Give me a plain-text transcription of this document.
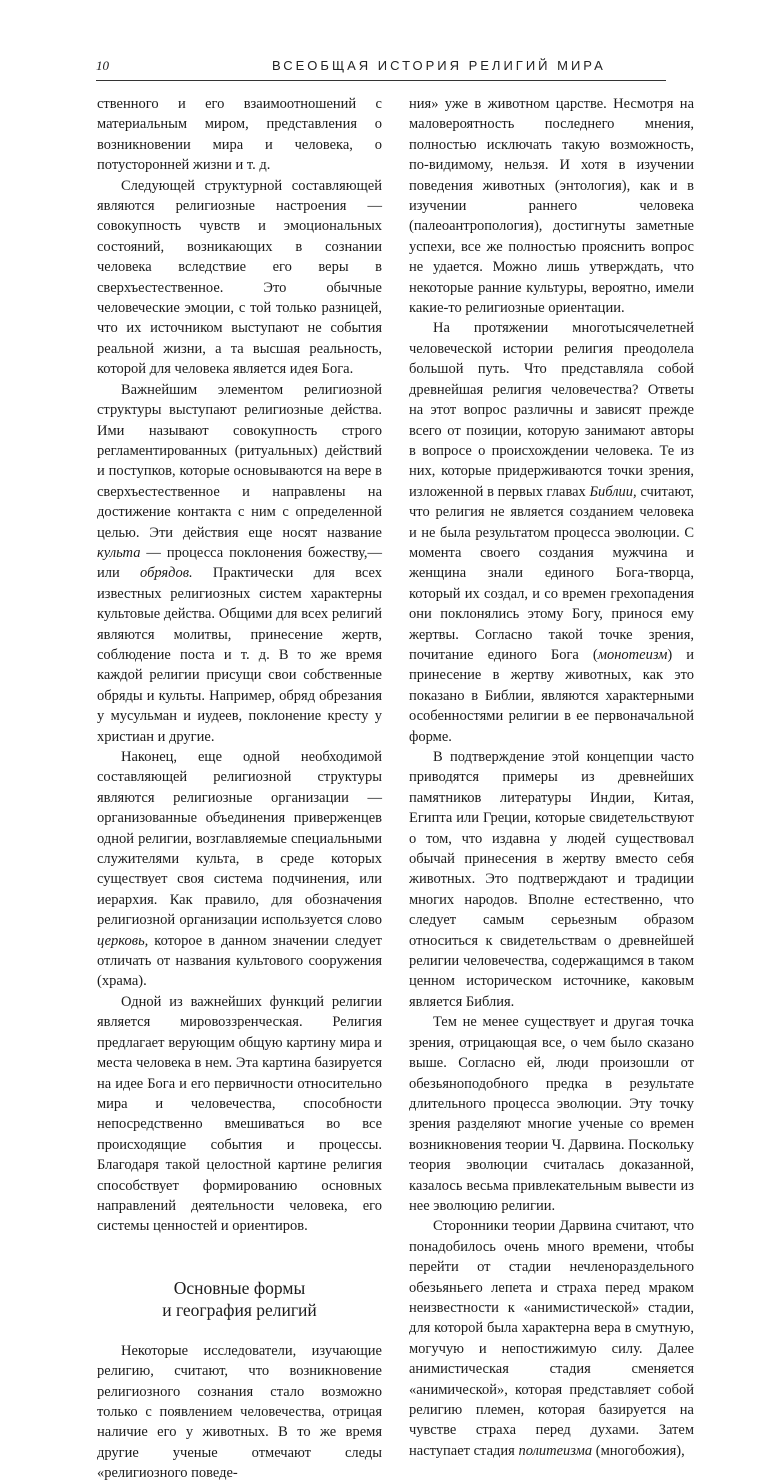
10	ВСЕОБЩАЯ ИСТОРИЯ РЕЛИГИЙ МИРА

ственного и его взаимоотношений с материальным миром, представления о возникновении мира и человека, о потусторонней жизни и т. д.

Следующей структурной составляющей являются религиозные настроения — совокупность чувств и эмоциональных состояний, возникающих в сознании человека вследствие его веры в сверхъестественное. Это обычные человеческие эмоции, с той только разницей, что их источником выступают не события реальной жизни, а та высшая реальность, которой для человека является идея Бога.

Важнейшим элементом религиозной структуры выступают религиозные действа. Ими называют совокупность строго регламентированных (ритуальных) действий и поступков, которые основываются на вере в сверхъестественное и направлены на достижение контакта с ним с определенной целью. Эти действия еще носят название культа — процесса поклонения божеству,— или обрядов. Практически для всех известных религиозных систем характерны культовые действа. Общими для всех религий являются молитвы, принесение жертв, соблюдение поста и т. д. В то же время каждой религии присущи свои собственные обряды и культы. Например, обряд обрезания у мусульман и иудеев, поклонение кресту у христиан и другие.

Наконец, еще одной необходимой составляющей религиозной структуры являются религиозные организации — организованные объединения приверженцев одной религии, возглавляемые специальными служителями культа, в среде которых существует своя система подчинения, или иерархия. Как правило, для обозначения религиозной организации используется слово церковь, которое в данном значении следует отличать от названия культового сооружения (храма).

Одной из важнейших функций религии является мировоззренческая. Религия предлагает верующим общую картину мира и места человека в нем. Эта картина базируется на идее Бога и его первичности относительно мира и человечества, способности непосредственно вмешиваться во все происходящие события и процессы. Благодаря такой целостной картине религия способствует формированию основных направлений деятельности человека, его системы ценностей и ориентиров.

Основные формы
и география религий

Некоторые исследователи, изучающие религию, считают, что возникновение религиозного сознания стало возможно только с появлением человечества, отрицая наличие его у животных. В то же время другие ученые отмечают следы «религиозного поведе-

ния» уже в животном царстве. Несмотря на маловероятность последнего мнения, полностью исключать такую возможность, по-видимому, нельзя. И хотя в изучении поведения животных (энтология), как и в изучении раннего человека (палеоантропология), достигнуты заметные успехи, все же полностью прояснить вопрос не удается. Можно лишь утверждать, что некоторые ранние культуры, вероятно, имели какие-то религиозные ориентации.

На протяжении многотысячелетней человеческой истории религия преодолела большой путь. Что представляла собой древнейшая религия человечества? Ответы на этот вопрос различны и зависят прежде всего от позиции, которую занимают авторы в вопросе о происхождении человека. Те из них, которые придерживаются точки зрения, изложенной в первых главах Библии, считают, что религия не является созданием человека и не была результатом процесса эволюции. С момента своего создания мужчина и женщина знали единого Бога-творца, который их создал, и со времен грехопадения они поклонялись этому Богу, принося ему жертвы. Согласно такой точке зрения, почитание единого Бога (монотеизм) и принесение в жертву животных, как это показано в Библии, являются характерными особенностями религии в ее первоначальной форме.

В подтверждение этой концепции часто приводятся примеры из древнейших памятников литературы Индии, Китая, Египта или Греции, которые свидетельствуют о том, что издавна у людей существовал обычай принесения в жертву вместо себя животных. Это подтверждают и традиции многих народов. Вполне естественно, что следует самым серьезным образом относиться к свидетельствам о древнейшей религии человечества, содержащимся в таком ценном историческом источнике, каковым является Библия.

Тем не менее существует и другая точка зрения, отрицающая все, о чем было сказано выше. Согласно ей, люди произошли от обезьяноподобного предка в результате длительного процесса эволюции. Эту точку зрения разделяют многие ученые со времен возникновения теории Ч. Дарвина. Поскольку теория эволюции считалась доказанной, казалось весьма привлекательным вывести из нее эволюцию религии.

Сторонники теории Дарвина считают, что понадобилось очень много времени, чтобы перейти от стадии нечленораздельного обезьяньего лепета и страха перед мраком неизвестности к «анимистической» стадии, для которой была характерна вера в смутную, могучую и непостижимую силу. Далее анимистическая стадия сменяется «анимической», которая представляет собой религию племен, которая базируется на чувстве страха перед духами. Затем наступает стадия политеизма (многобожия),
